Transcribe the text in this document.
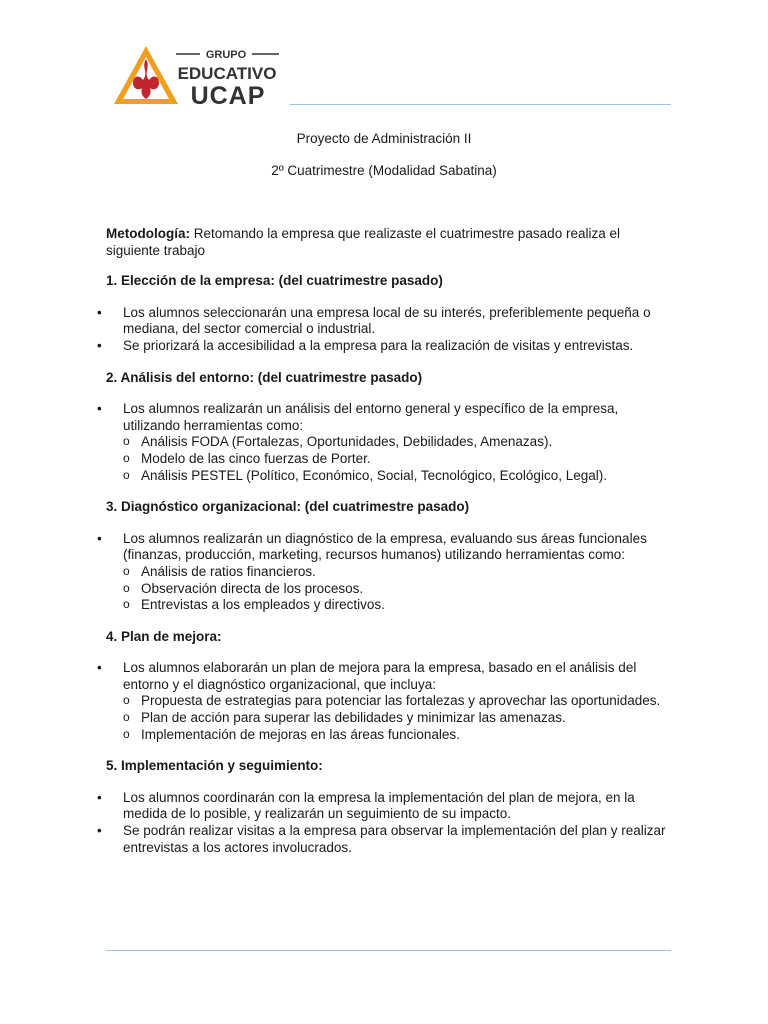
GRUPO
EDUCATIVO
UCAP
Proyecto de Administración II
2º Cuatrimestre (Modalidad Sabatina)

Metodología: Retomando la empresa que realizaste el cuatrimestre pasado realiza el siguiente trabajo

1. Elección de la empresa: (del cuatrimestre pasado)
• Los alumnos seleccionarán una empresa local de su interés, preferiblemente pequeña o mediana, del sector comercial o industrial.
• Se priorizará la accesibilidad a la empresa para la realización de visitas y entrevistas.
2. Análisis del entorno: (del cuatrimestre pasado)
• Los alumnos realizarán un análisis del entorno general y específico de la empresa, utilizando herramientas como:
o Análisis FODA (Fortalezas, Oportunidades, Debilidades, Amenazas).
o Modelo de las cinco fuerzas de Porter.
o Análisis PESTEL (Político, Económico, Social, Tecnológico, Ecológico, Legal).
3. Diagnóstico organizacional: (del cuatrimestre pasado)
• Los alumnos realizarán un diagnóstico de la empresa, evaluando sus áreas funcionales (finanzas, producción, marketing, recursos humanos) utilizando herramientas como:
o Análisis de ratios financieros.
o Observación directa de los procesos.
o Entrevistas a los empleados y directivos.
4. Plan de mejora:
• Los alumnos elaborarán un plan de mejora para la empresa, basado en el análisis del entorno y el diagnóstico organizacional, que incluya:
o Propuesta de estrategias para potenciar las fortalezas y aprovechar las oportunidades.
o Plan de acción para superar las debilidades y minimizar las amenazas.
o Implementación de mejoras en las áreas funcionales.
5. Implementación y seguimiento:
• Los alumnos coordinarán con la empresa la implementación del plan de mejora, en la medida de lo posible, y realizarán un seguimiento de su impacto.
• Se podrán realizar visitas a la empresa para observar la implementación del plan y realizar entrevistas a los actores involucrados.
